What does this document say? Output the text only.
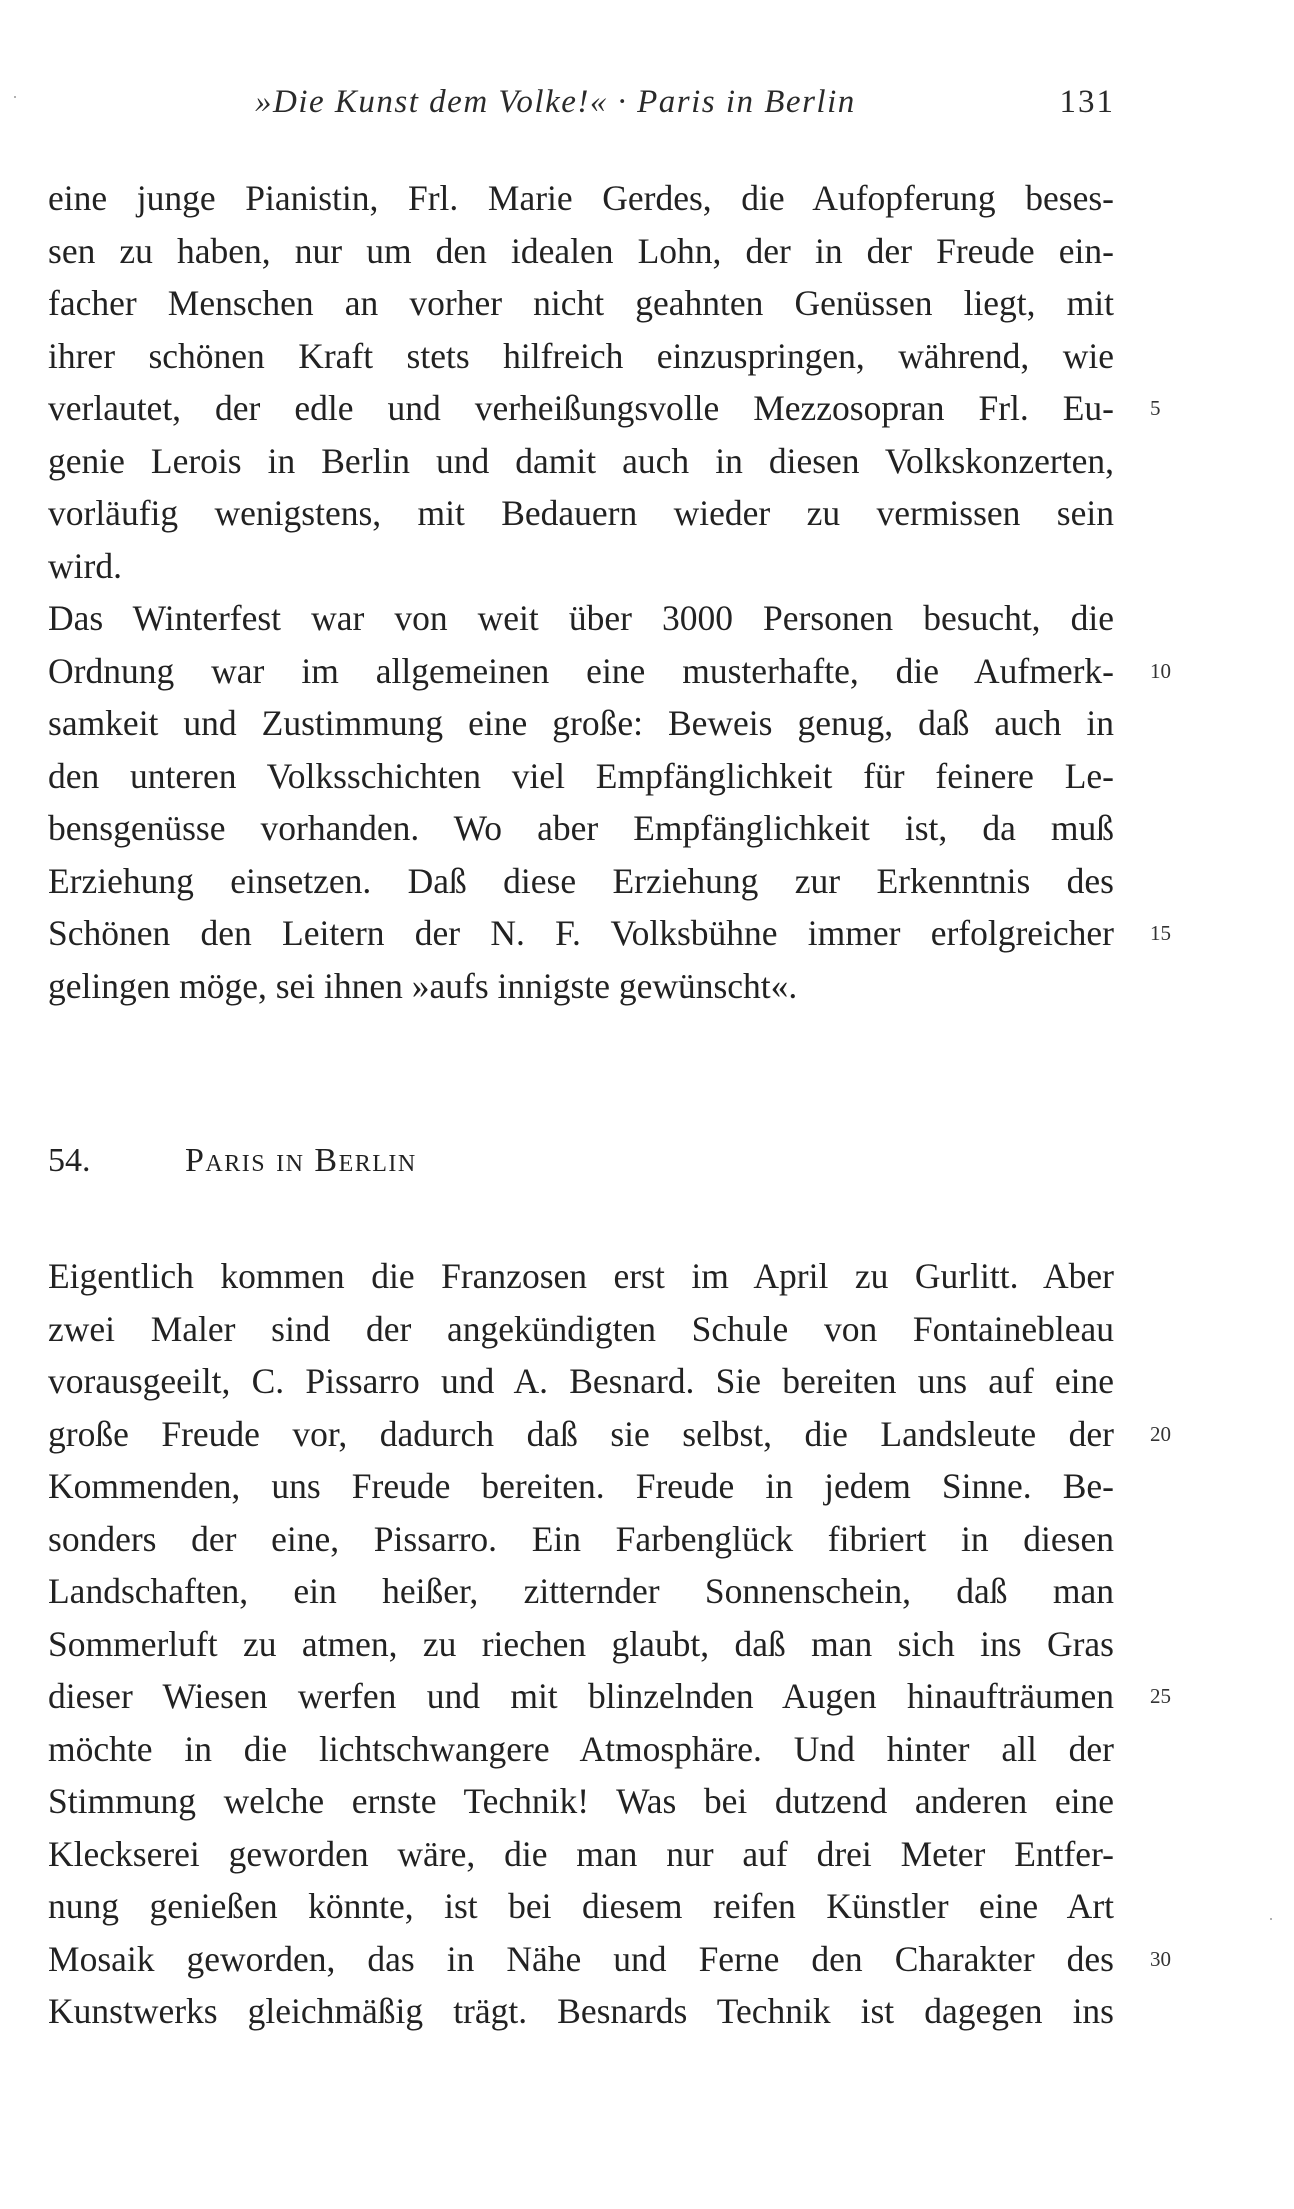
»Die Kunst dem Volke!« · Paris in Berlin	131
eine junge Pianistin, Frl. Marie Gerdes, die Aufopferung beses-
sen zu haben, nur um den idealen Lohn, der in der Freude ein-
facher Menschen an vorher nicht geahnten Genüssen liegt, mit
ihrer schönen Kraft stets hilfreich einzuspringen, während, wie
verlautet, der edle und verheißungsvolle Mezzosopran Frl. Eu- 5
genie Lerois in Berlin und damit auch in diesen Volkskonzerten,
vorläufig wenigstens, mit Bedauern wieder zu vermissen sein
wird.
Das Winterfest war von weit über 3000 Personen besucht, die
Ordnung war im allgemeinen eine musterhafte, die Aufmerk- 10
samkeit und Zustimmung eine große: Beweis genug, daß auch in
den unteren Volksschichten viel Empfänglichkeit für feinere Le-
bensgenüsse vorhanden. Wo aber Empfänglichkeit ist, da muß
Erziehung einsetzen. Daß diese Erziehung zur Erkenntnis des
Schönen den Leitern der N. F. Volksbühne immer erfolgreicher 15
gelingen möge, sei ihnen »aufs innigste gewünscht«.
54.	Paris in Berlin
Eigentlich kommen die Franzosen erst im April zu Gurlitt. Aber
zwei Maler sind der angekündigten Schule von Fontainebleau
vorausgeeilt, C. Pissarro und A. Besnard. Sie bereiten uns auf eine
große Freude vor, dadurch daß sie selbst, die Landsleute der 20
Kommenden, uns Freude bereiten. Freude in jedem Sinne. Be-
sonders der eine, Pissarro. Ein Farbenglück fibriert in diesen
Landschaften, ein heißer, zitternder Sonnenschein, daß man
Sommerluft zu atmen, zu riechen glaubt, daß man sich ins Gras
dieser Wiesen werfen und mit blinzelnden Augen hinaufträumen 25
möchte in die lichtschwangere Atmosphäre. Und hinter all der
Stimmung welche ernste Technik! Was bei dutzend anderen eine
Kleckserei geworden wäre, die man nur auf drei Meter Entfer-
nung genießen könnte, ist bei diesem reifen Künstler eine Art
Mosaik geworden, das in Nähe und Ferne den Charakter des 30
Kunstwerks gleichmäßig trägt. Besnards Technik ist dagegen ins
